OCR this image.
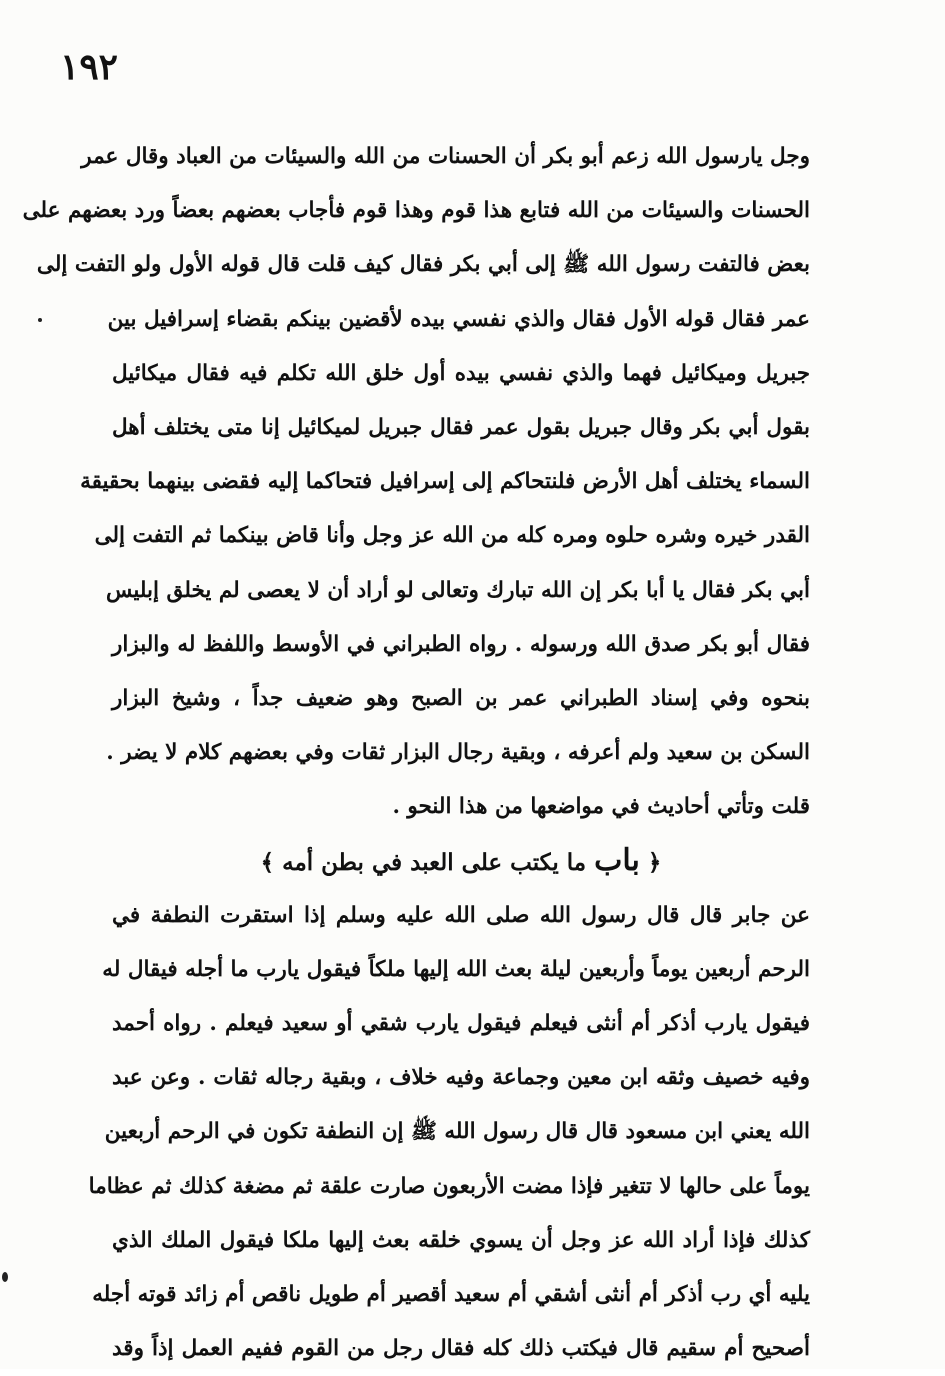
١٩٢
وجل يارسول الله زعم أبو بكر أن الحسنات من الله والسيئات من العباد وقال عمر
الحسنات والسيئات من الله فتابع هذا قوم وهذا قوم فأجاب بعضهم بعضاً ورد بعضهم على
بعض فالتفت رسول الله ﷺ إلى أبي بكر فقال كيف قلت قال قوله الأول ولو التفت إلى
عمر فقال قوله الأول فقال والذي نفسي بيده لأقضين بينكم بقضاء إسرافيل بين
جبريل وميكائيل فهما والذي نفسي بيده أول خلق الله تكلم فيه فقال ميكائيل
بقول أبي بكر وقال جبريل بقول عمر فقال جبريل لميكائيل إنا متى يختلف أهل
السماء يختلف أهل الأرض فلنتحاكم إلى إسرافيل فتحاكما إليه فقضى بينهما بحقيقة
القدر خيره وشره حلوه ومره كله من الله عز وجل وأنا قاض بينكما ثم التفت إلى
أبي بكر فقال يا أبا بكر إن الله تبارك وتعالى لو أراد أن لا يعصى لم يخلق إبليس
فقال أبو بكر صدق الله ورسوله . رواه الطبراني في الأوسط واللفظ له والبزار
بنحوه وفي إسناد الطبراني عمر بن الصبح وهو ضعيف جداً ، وشيخ البزار
السكن بن سعيد ولم أعرفه ، وبقية رجال البزار ثقات وفي بعضهم كلام لا يضر .
قلت وتأتي أحاديث في مواضعها من هذا النحو .
﴿ باب ما يكتب على العبد في بطن أمه ﴾
عن جابر قال قال رسول الله صلى الله عليه وسلم إذا استقرت النطفة في
الرحم أربعين يوماً وأربعين ليلة بعث الله إليها ملكاً فيقول يارب ما أجله فيقال له
فيقول يارب أذكر أم أنثى فيعلم فيقول يارب شقي أو سعيد فيعلم . رواه أحمد
وفيه خصيف وثقه ابن معين وجماعة وفيه خلاف ، وبقية رجاله ثقات . وعن عبد
الله يعني ابن مسعود قال قال رسول الله ﷺ إن النطفة تكون في الرحم أربعين
يوماً على حالها لا تتغير فإذا مضت الأربعون صارت علقة ثم مضغة كذلك ثم عظاما
كذلك فإذا أراد الله عز وجل أن يسوي خلقه بعث إليها ملكا فيقول الملك الذي
يليه أي رب أذكر أم أنثى أشقي أم سعيد أقصير أم طويل ناقص أم زائد قوته أجله
أصحيح أم سقيم قال فيكتب ذلك كله فقال رجل من القوم ففيم العمل إذاً وقد
